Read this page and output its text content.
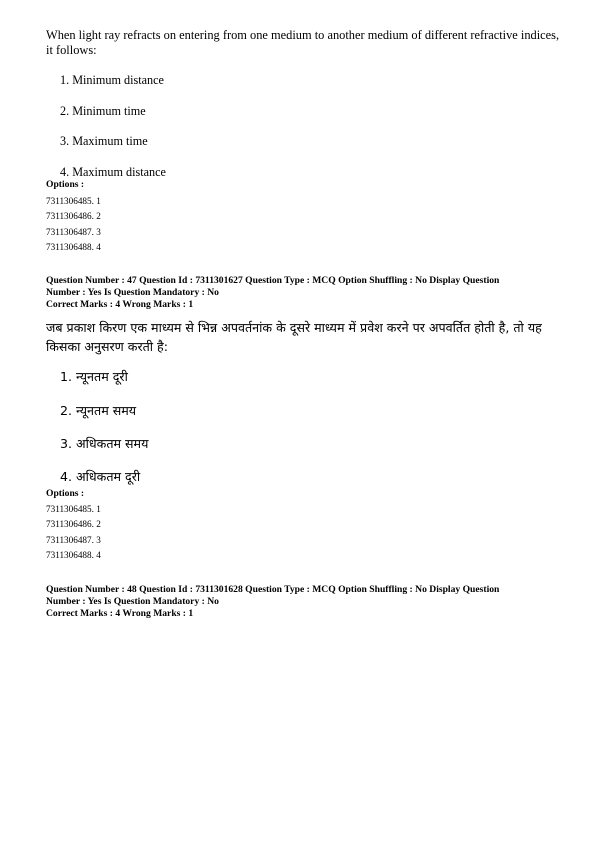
When light ray refracts on entering from one medium to another medium of different refractive indices, it follows:
1. Minimum distance
2. Minimum time
3. Maximum time
4. Maximum distance
Options :
7311306485. 1
7311306486. 2
7311306487. 3
7311306488. 4
Question Number : 47 Question Id : 7311301627 Question Type : MCQ Option Shuffling : No Display Question
Number : Yes Is Question Mandatory : No
Correct Marks : 4 Wrong Marks : 1
जब प्रकाश किरण एक माध्यम से भिन्न अपवर्तनांक के दूसरे माध्यम में प्रवेश करने पर अपवर्तित होती है, तो यह किसका अनुसरण करती है:
1. न्यूनतम दूरी
2. न्यूनतम समय
3. अधिकतम समय
4. अधिकतम दूरी
Options :
7311306485. 1
7311306486. 2
7311306487. 3
7311306488. 4
Question Number : 48 Question Id : 7311301628 Question Type : MCQ Option Shuffling : No Display Question
Number : Yes Is Question Mandatory : No
Correct Marks : 4 Wrong Marks : 1
